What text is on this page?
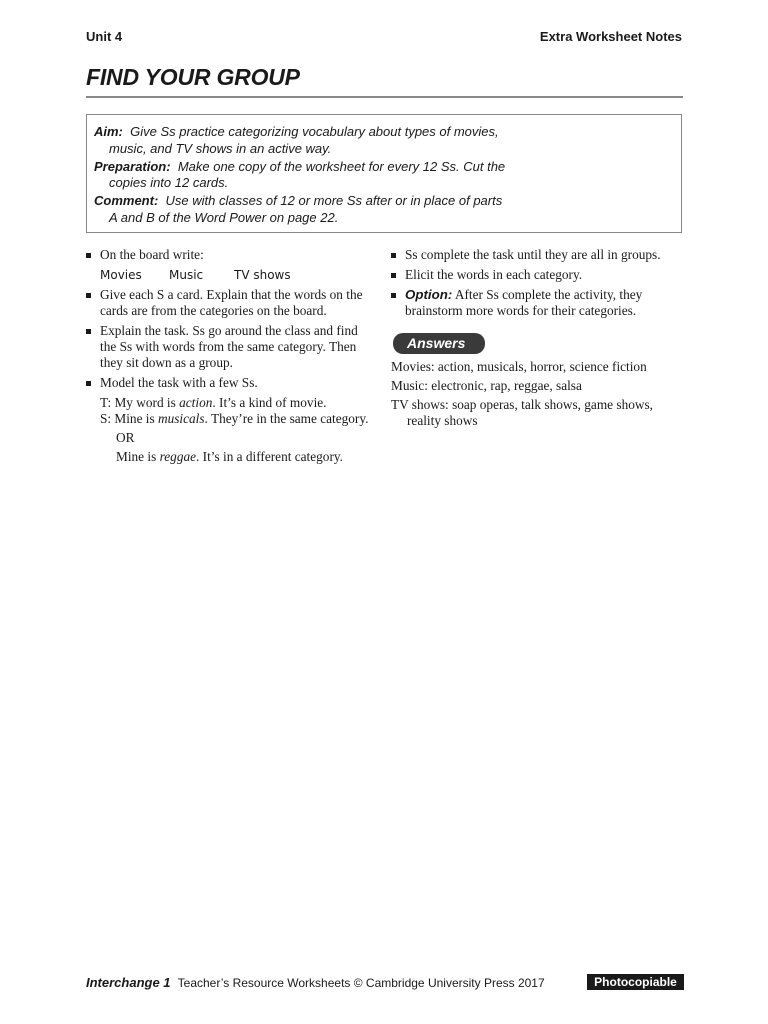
Unit 4	Extra Worksheet Notes
FIND YOUR GROUP

Aim: Give Ss practice categorizing vocabulary about types of movies, music, and TV shows in an active way.

Preparation: Make one copy of the worksheet for every 12 Ss. Cut the copies into 12 cards.

Comment: Use with classes of 12 or more Ss after or in place of parts A and B of the Word Power on page 22.

On the board write:
Movies Music	TV shows
Give each S a card. Explain that the words on the cards are from the categories on the board.
Explain the task. Ss go around the class and find the Ss with words from the same category. Then they sit down as a group.
Model the task with a few Ss.

T: My word is action. It’s a kind of movie.

S: Mine is musicals. They’re in the same category.

OR

Mine is reggae. It’s in a different category.

Ss complete the task until they are all in groups.
Elicit the words in each category.
Option: After Ss complete the activity, they brainstorm more words for their categories.
Answers

Movies: action, musicals, horror, science fiction

Music: electronic, rap, reggae, salsa

TV shows: soap operas, talk shows, game shows, reality shows

Interchange 1 Teacher’s Resource Worksheets © Cambridge University Press 2017	Photocopiable
